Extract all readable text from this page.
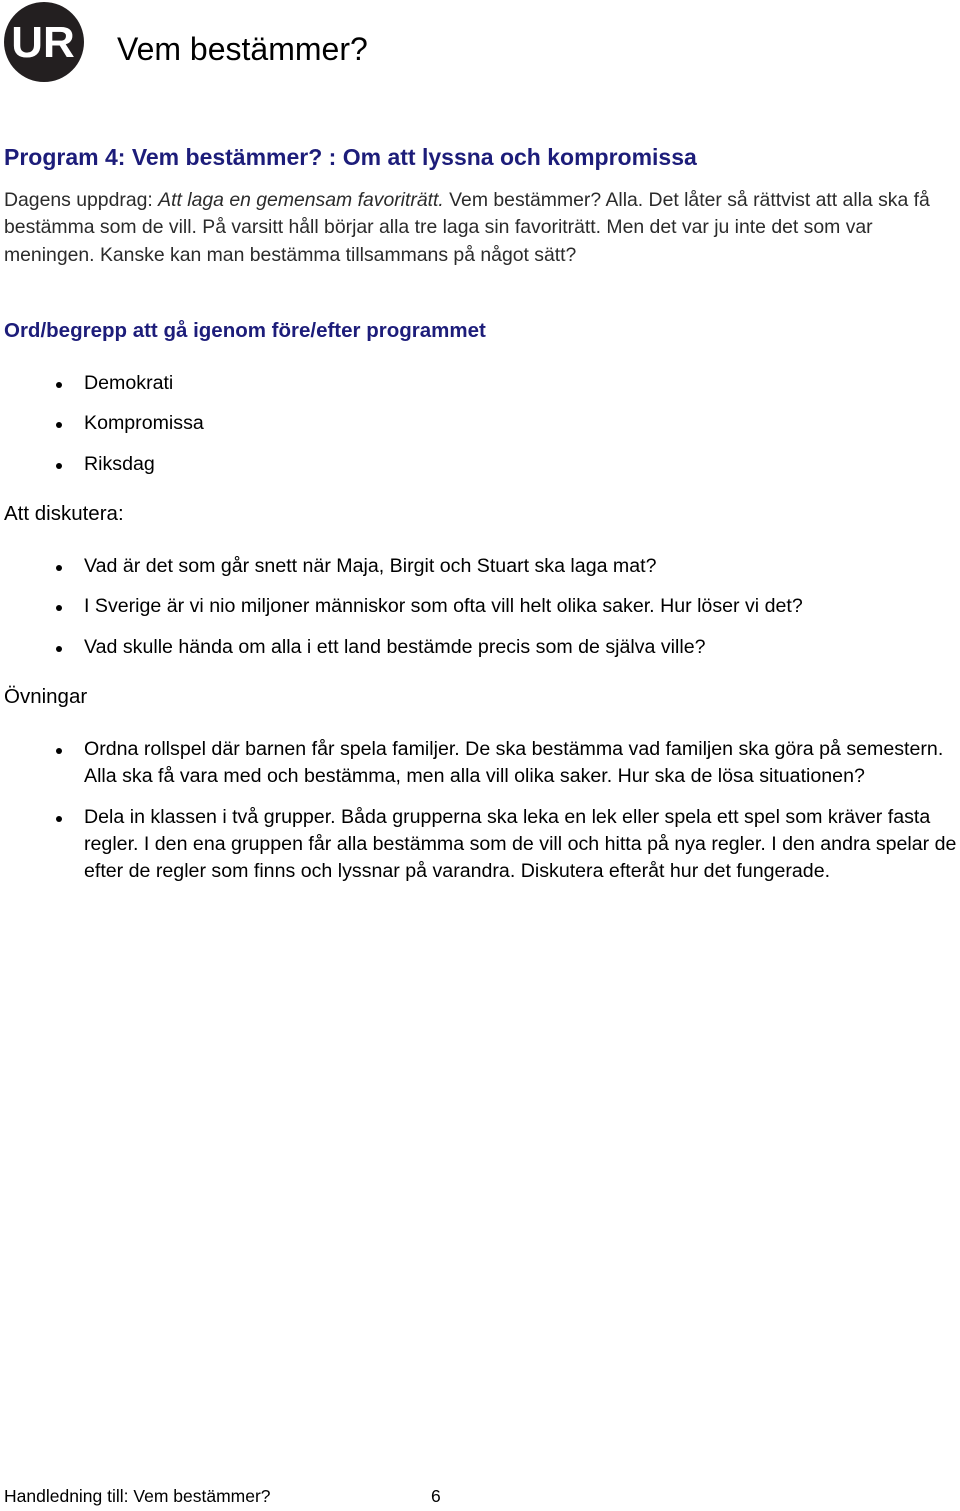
UR Vem bestämmer?
Program 4: Vem bestämmer? : Om att lyssna och kompromissa

Dagens uppdrag: Att laga en gemensam favoriträtt. Vem bestämmer? Alla. Det låter så rättvist att alla ska få bestämma som de vill. På varsitt håll börjar alla tre laga sin favoriträtt. Men det var ju inte det som var meningen. Kanske kan man bestämma tillsammans på något sätt?

Ord/begrepp att gå igenom före/efter programmet
Demokrati
Kompromissa
Riksdag
Att diskutera:
Vad är det som går snett när Maja, Birgit och Stuart ska laga mat?
I Sverige är vi nio miljoner människor som ofta vill helt olika saker. Hur löser vi det?
Vad skulle hända om alla i ett land bestämde precis som de själva ville?
Övningar
Ordna rollspel där barnen får spela familjer. De ska bestämma vad familjen ska göra på semestern. Alla ska få vara med och bestämma, men alla vill olika saker. Hur ska de lösa situationen?
Dela in klassen i två grupper. Båda grupperna ska leka en lek eller spela ett spel som kräver fasta regler. I den ena gruppen får alla bestämma som de vill och hitta på nya regler. I den andra spelar de efter de regler som finns och lyssnar på varandra. Diskutera efteråt hur det fungerade.
Handledning till: Vem bestämmer?	6
